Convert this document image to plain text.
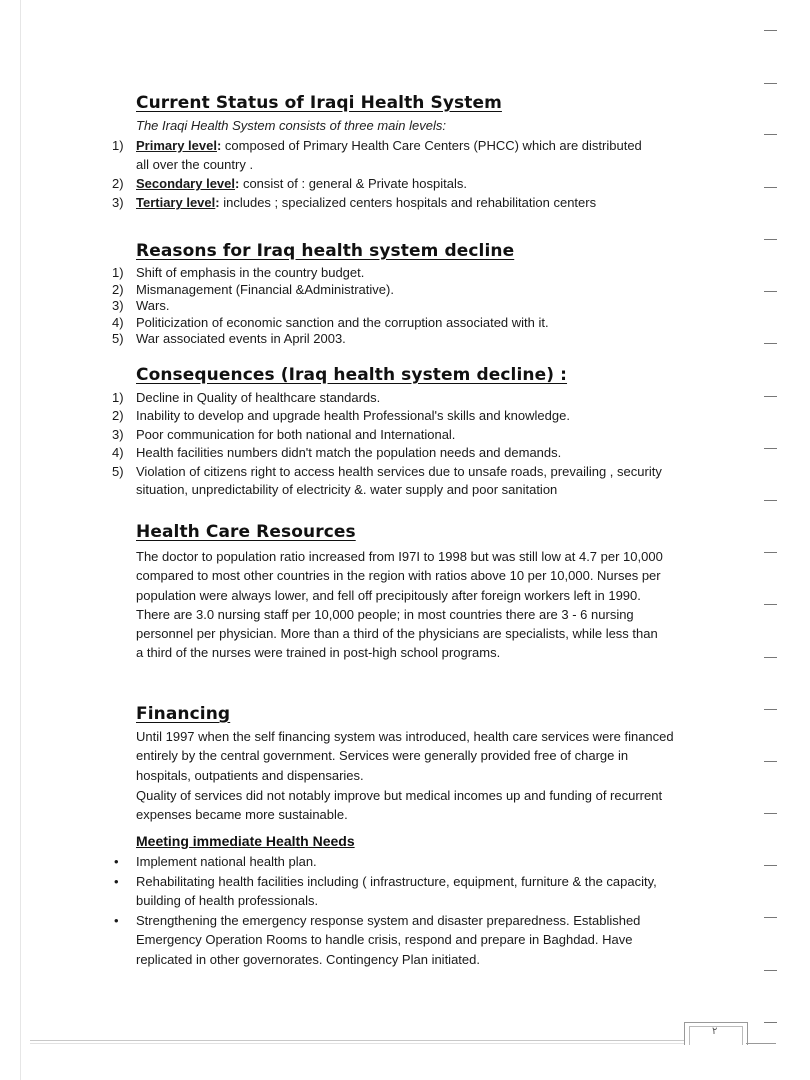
Current Status of Iraqi Health System

The Iraqi Health System consists of three main levels:

1) Primary level: composed of Primary Health Care Centers (PHCC) which are distributed all over the country .
2) Secondary level: consist of : general & Private hospitals.
3) Tertiary level: includes ; specialized centers hospitals and rehabilitation centers
Reasons for Iraq health system decline
1) Shift of emphasis in the country budget.
2) Mismanagement (Financial &Administrative).
3) Wars.
4) Politicization of economic sanction and the corruption associated with it.
5) War associated events in April 2003.
Consequences (Iraq health system decline) :
1) Decline in Quality of healthcare standards.
2) Inability to develop and upgrade health Professional's skills and knowledge.
3) Poor communication for both national and International.
4) Health facilities numbers didn't match the population needs and demands.
5) Violation of citizens right to access health services due to unsafe roads, prevailing , security situation, unpredictability of electricity &. water supply and poor sanitation
Health Care Resources

The doctor to population ratio increased from I97I to 1998 but was still low at 4.7 per 10,000 compared to most other countries in the region with ratios above 10 per 10,000. Nurses per population were always lower, and fell off precipitously after foreign workers left in 1990. There are 3.0 nursing staff per 10,000 people; in most countries there are 3 - 6 nursing personnel per physician. More than a third of the physicians are specialists, while less than a third of the nurses were trained in post-high school programs.

Financing

Until 1997 when the self financing system was introduced, health care services were financed entirely by the central government. Services were generally provided free of charge in hospitals, outpatients and dispensaries.

Quality of services did not notably improve but medical incomes up and funding of recurrent expenses became more sustainable.

Meeting immediate Health Needs
• Implement national health plan.
• Rehabilitating health facilities including ( infrastructure, equipment, furniture & the capacity, building of health professionals.
• Strengthening the emergency response system and disaster preparedness. Established Emergency Operation Rooms to handle crisis, respond and prepare in Baghdad. Have replicated in other governorates. Contingency Plan initiated.
٢
